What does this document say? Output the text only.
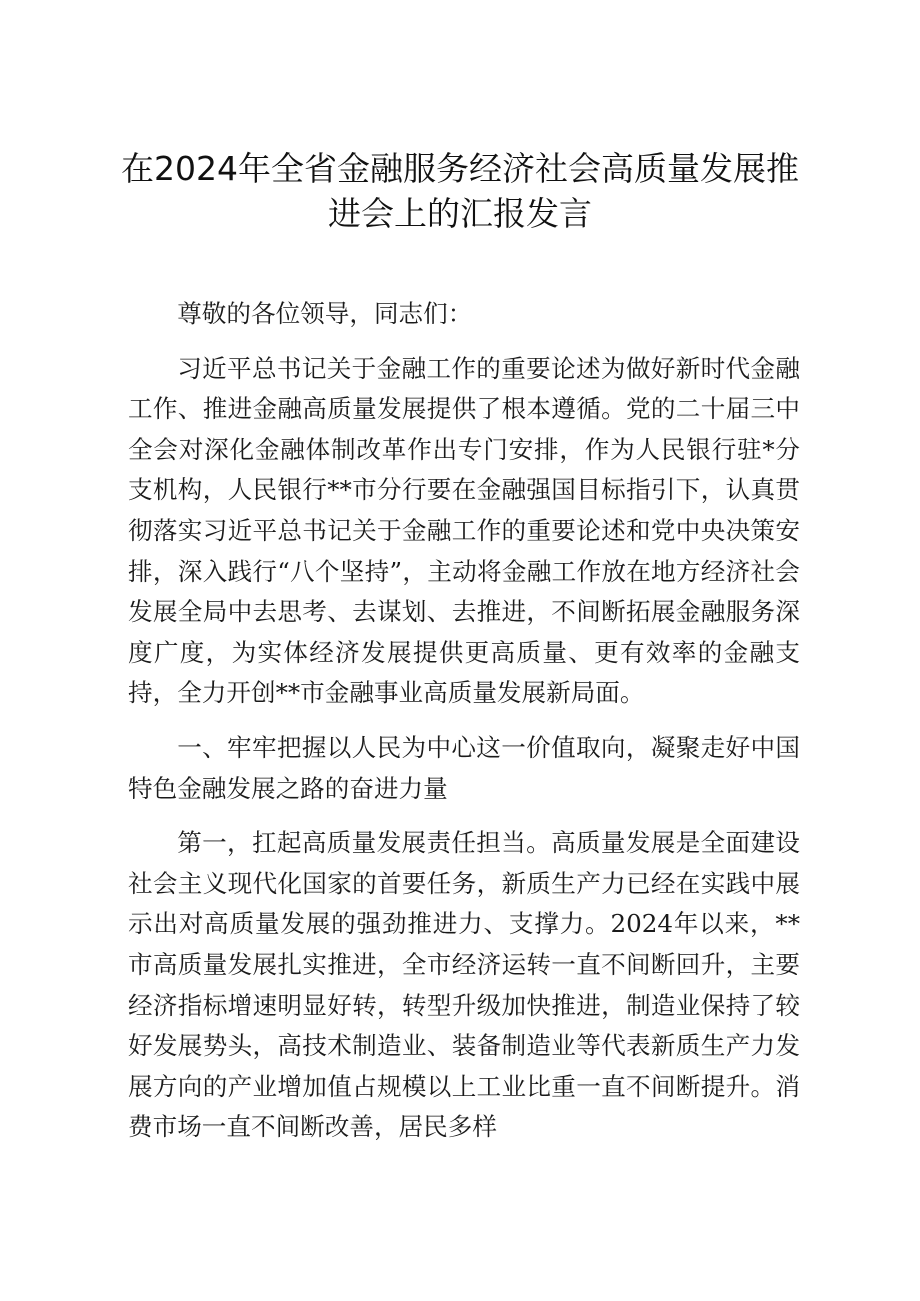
在2024年全省金融服务经济社会高质量发展推进会上的汇报发言

尊敬的各位领导，同志们：

习近平总书记关于金融工作的重要论述为做好新时代金融工作、推进金融高质量发展提供了根本遵循。党的二十届三中全会对深化金融体制改革作出专门安排，作为人民银行驻*分支机构，人民银行**市分行要在金融强国目标指引下，认真贯彻落实习近平总书记关于金融工作的重要论述和党中央决策安排，深入践行“八个坚持”，主动将金融工作放在地方经济社会发展全局中去思考、去谋划、去推进，不间断拓展金融服务深度广度，为实体经济发展提供更高质量、更有效率的金融支持，全力开创**市金融事业高质量发展新局面。

一、牢牢把握以人民为中心这一价值取向，凝聚走好中国特色金融发展之路的奋进力量

第一，扛起高质量发展责任担当。高质量发展是全面建设社会主义现代化国家的首要任务，新质生产力已经在实践中展示出对高质量发展的强劲推进力、支撑力。2024年以来，**市高质量发展扎实推进，全市经济运转一直不间断回升，主要经济指标增速明显好转，转型升级加快推进，制造业保持了较好发展势头，高技术制造业、装备制造业等代表新质生产力发展方向的产业增加值占规模以上工业比重一直不间断提升。消费市场一直不间断改善，居民多样
